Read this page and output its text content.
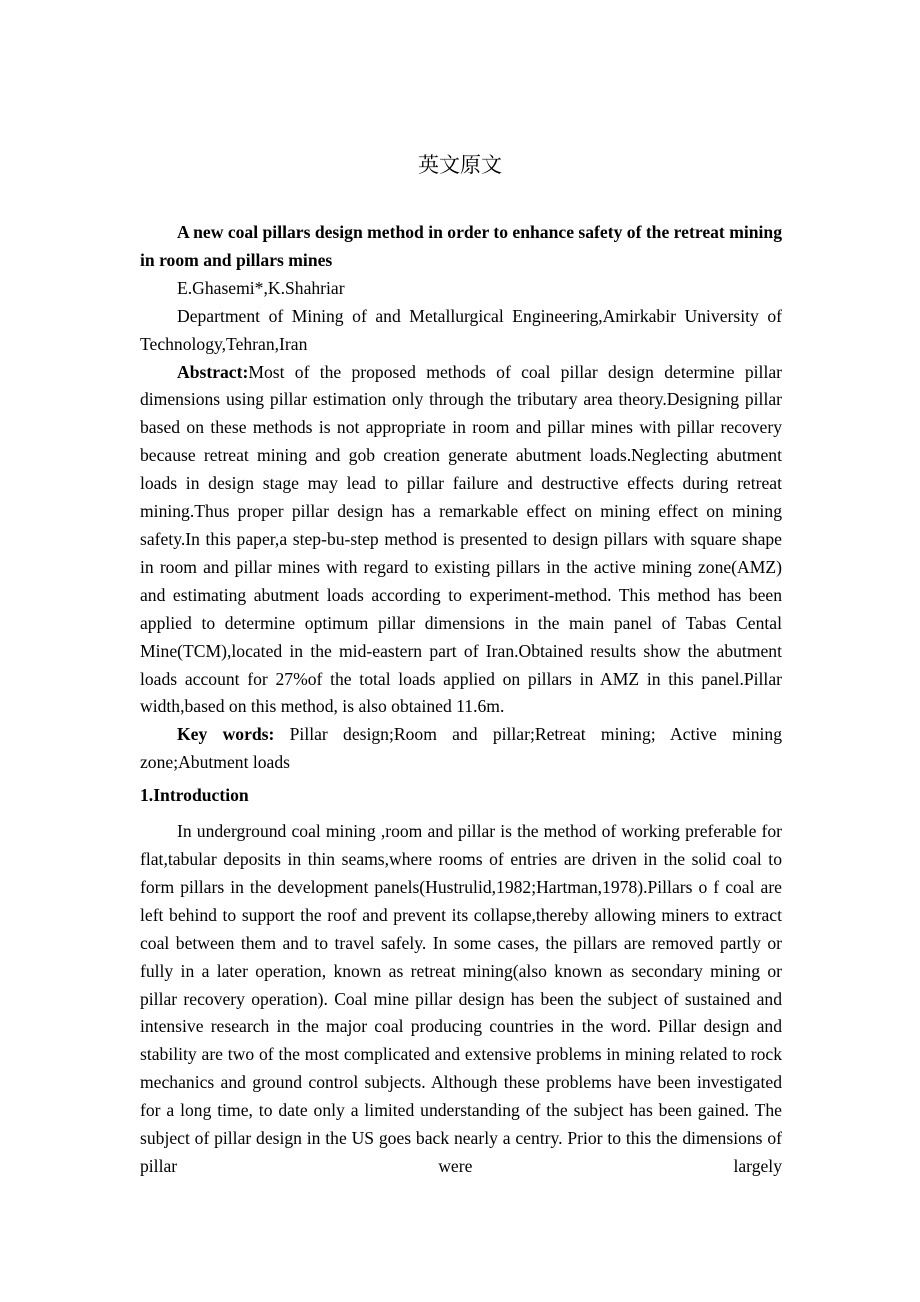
英文原文

A new coal pillars design method in order to enhance safety of the retreat mining in room and pillars mines

E.Ghasemi*,K.Shahriar

Department of Mining of and Metallurgical Engineering,Amirkabir University of Technology,Tehran,Iran

Abstract:Most of the proposed methods of coal pillar design determine pillar dimensions using pillar estimation only through the tributary area theory.Designing pillar based on these methods is not appropriate in room and pillar mines with pillar recovery because retreat mining and gob creation generate abutment loads.Neglecting abutment loads in design stage may lead to pillar failure and destructive effects during retreat mining.Thus proper pillar design has a remarkable effect on mining effect on mining safety.In this paper,a step-bu-step method is presented to design pillars with square shape in room and pillar mines with regard to existing pillars in the active mining zone(AMZ) and estimating abutment loads according to experiment-method. This method has been applied to determine optimum pillar dimensions in the main panel of Tabas Cental Mine(TCM),located in the mid-eastern part of Iran.Obtained results show the abutment loads account for 27%of the total loads applied on pillars in AMZ in this panel.Pillar width,based on this method, is also obtained 11.6m.

Key words: Pillar design;Room and pillar;Retreat mining; Active mining zone;Abutment loads

1.Introduction

In underground coal mining ,room and pillar is the method of working preferable for flat,tabular deposits in thin seams,where rooms of entries are driven in the solid coal to form pillars in the development panels(Hustrulid,1982;Hartman,1978).Pillars o f coal are left behind to support the roof and prevent its collapse,thereby allowing miners to extract coal between them and to travel safely. In some cases, the pillars are removed partly or fully in a later operation, known as retreat mining(also known as secondary mining or pillar recovery operation). Coal mine pillar design has been the subject of sustained and intensive research in the major coal producing countries in the word. Pillar design and stability are two of the most complicated and extensive problems in mining related to rock mechanics and ground control subjects. Although these problems have been investigated for a long time, to date only a limited understanding of the subject has been gained. The subject of pillar design in the US goes back nearly a centry. Prior to this the dimensions of pillar were largely
